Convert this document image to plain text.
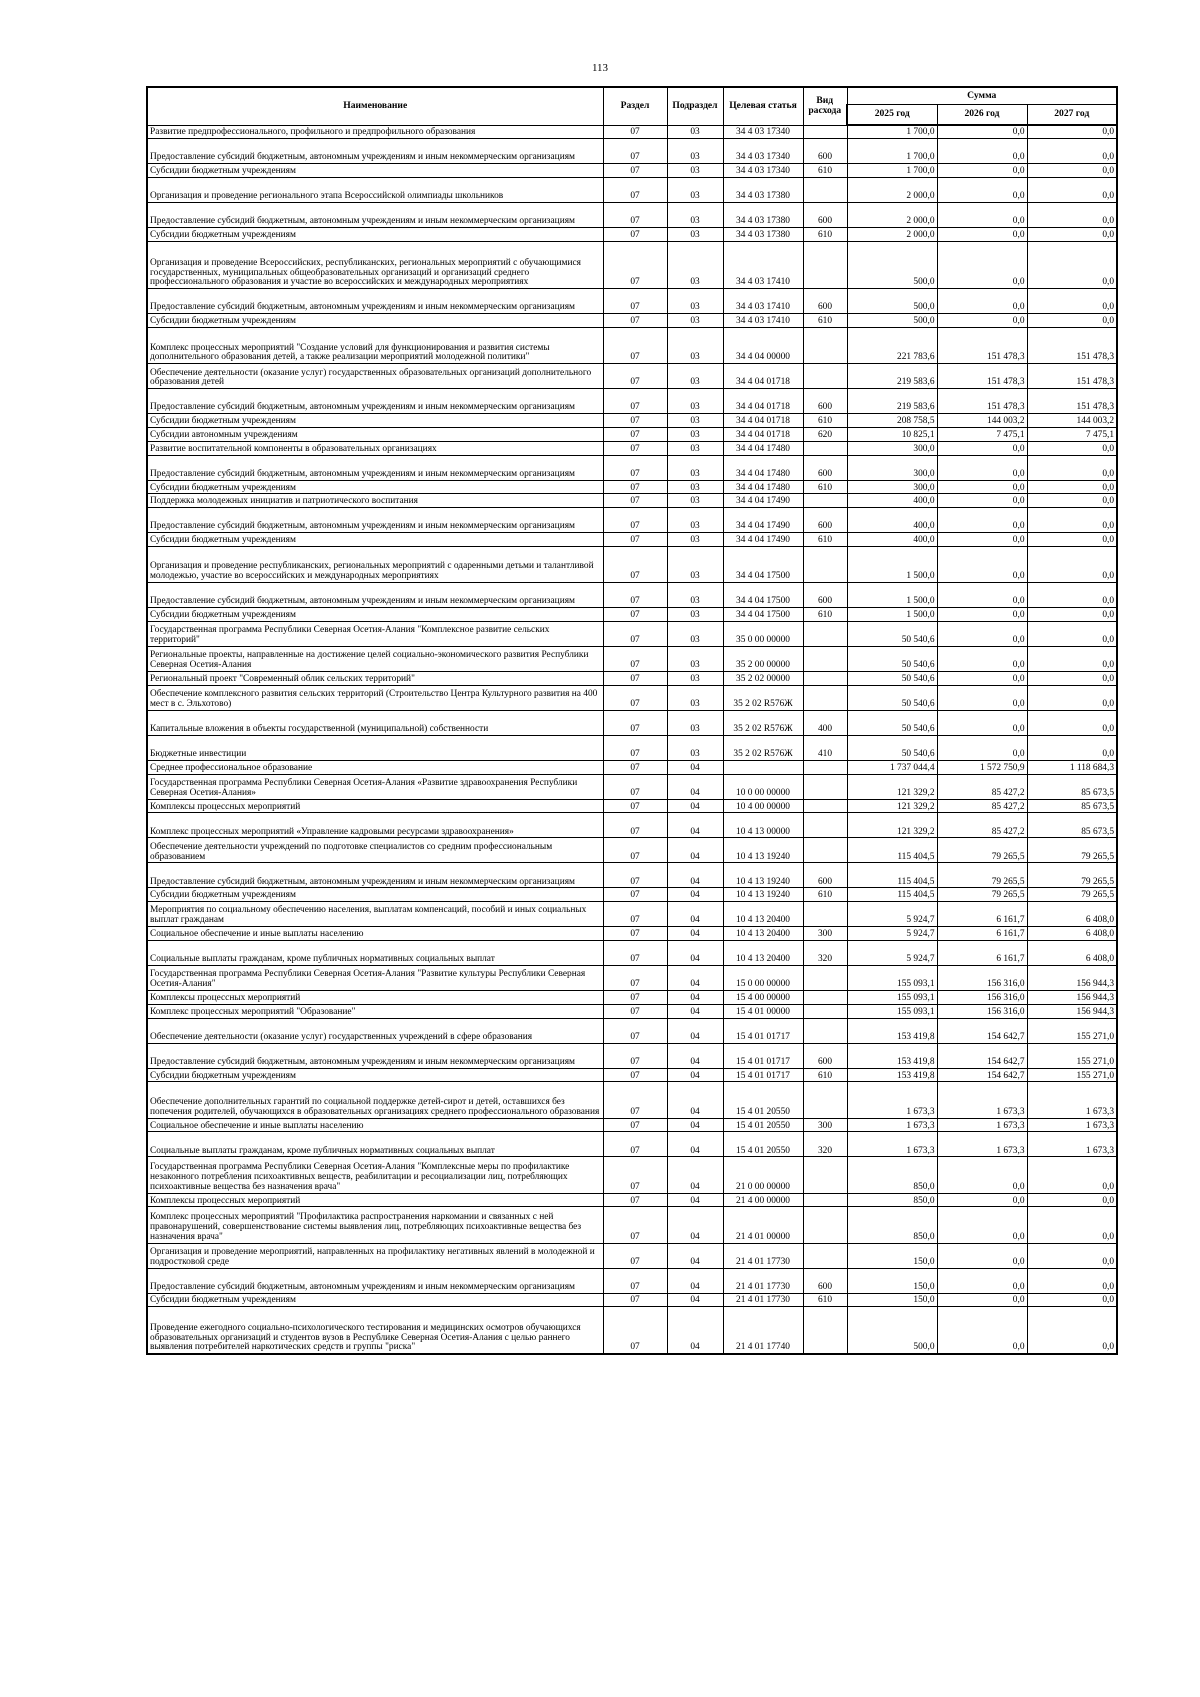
113
Наименование	Раздел	Подраздел	Целевая статья	Вид расхода	Сумма		
					2025 год	2026 год	2027 год
Развитие предпрофессионального, профильного и предпрофильного образования	07	03	34 4 03 17340		1 700,0	0,0	0,0
Предоставление субсидий бюджетным, автономным учреждениям и иным некоммерческим организациям	07	03	34 4 03 17340	600	1 700,0	0,0	0,0
Субсидии бюджетным учреждениям	07	03	34 4 03 17340	610	1 700,0	0,0	0,0
Организация и проведение регионального этапа Всероссийской олимпиады школьников	07	03	34 4 03 17380		2 000,0	0,0	0,0
Предоставление субсидий бюджетным, автономным учреждениям и иным некоммерческим организациям	07	03	34 4 03 17380	600	2 000,0	0,0	0,0
Субсидии бюджетным учреждениям	07	03	34 4 03 17380	610	2 000,0	0,0	0,0
Организация и проведение Всероссийских, республиканских, региональных мероприятий с обучающимися государственных, муниципальных общеобразовательных организаций и организаций среднего профессионального образования и участие во всероссийских и международных мероприятиях	07	03	34 4 03 17410		500,0	0,0	0,0
Предоставление субсидий бюджетным, автономным учреждениям и иным некоммерческим организациям	07	03	34 4 03 17410	600	500,0	0,0	0,0
Субсидии бюджетным учреждениям	07	03	34 4 03 17410	610	500,0	0,0	0,0
Комплекс процессных мероприятий "Создание условий для функционирования и развития системы дополнительного образования детей, а также реализации мероприятий молодежной политики"	07	03	34 4 04 00000		221 783,6	151 478,3	151 478,3
Обеспечение деятельности (оказание услуг) государственных образовательных организаций дополнительного образования детей	07	03	34 4 04 01718		219 583,6	151 478,3	151 478,3
Предоставление субсидий бюджетным, автономным учреждениям и иным некоммерческим организациям	07	03	34 4 04 01718	600	219 583,6	151 478,3	151 478,3
Субсидии бюджетным учреждениям	07	03	34 4 04 01718	610	208 758,5	144 003,2	144 003,2
Субсидии автономным учреждениям	07	03	34 4 04 01718	620	10 825,1	7 475,1	7 475,1
Развитие воспитательной компоненты в образовательных организациях	07	03	34 4 04 17480		300,0	0,0	0,0
Предоставление субсидий бюджетным, автономным учреждениям и иным некоммерческим организациям	07	03	34 4 04 17480	600	300,0	0,0	0,0
Субсидии бюджетным учреждениям	07	03	34 4 04 17480	610	300,0	0,0	0,0
Поддержка молодежных инициатив и патриотического воспитания	07	03	34 4 04 17490		400,0	0,0	0,0
Предоставление субсидий бюджетным, автономным учреждениям и иным некоммерческим организациям	07	03	34 4 04 17490	600	400,0	0,0	0,0
Субсидии бюджетным учреждениям	07	03	34 4 04 17490	610	400,0	0,0	0,0
Организация и проведение республиканских, региональных мероприятий с одаренными детьми и талантливой молодежью, участие во всероссийских и международных мероприятиях	07	03	34 4 04 17500		1 500,0	0,0	0,0
Предоставление субсидий бюджетным, автономным учреждениям и иным некоммерческим организациям	07	03	34 4 04 17500	600	1 500,0	0,0	0,0
Субсидии бюджетным учреждениям	07	03	34 4 04 17500	610	1 500,0	0,0	0,0
Государственная программа Республики Северная Осетия-Алания "Комплексное развитие сельских территорий"	07	03	35 0 00 00000		50 540,6	0,0	0,0
Региональные проекты, направленные на достижение целей социально-экономического развития Республики Северная Осетия-Алания	07	03	35 2 00 00000		50 540,6	0,0	0,0
Региональный проект "Современный облик сельских территорий"	07	03	35 2 02 00000		50 540,6	0,0	0,0
Обеспечение комплексного развития сельских территорий (Строительство Центра Культурного развития на 400 мест в с. Эльхотово)	07	03	35 2 02 R576Ж		50 540,6	0,0	0,0
Капитальные вложения в объекты государственной (муниципальной) собственности	07	03	35 2 02 R576Ж	400	50 540,6	0,0	0,0
Бюджетные инвестиции	07	03	35 2 02 R576Ж	410	50 540,6	0,0	0,0
Среднее профессиональное образование	07	04			1 737 044,4	1 572 750,9	1 118 684,3
Государственная программа Республики Северная Осетия-Алания «Развитие здравоохранения Республики Северная Осетия-Алания»	07	04	10 0 00 00000		121 329,2	85 427,2	85 673,5
Комплексы процессных мероприятий	07	04	10 4 00 00000		121 329,2	85 427,2	85 673,5
Комплекс процессных мероприятий «Управление кадровыми ресурсами здравоохранения»	07	04	10 4 13 00000		121 329,2	85 427,2	85 673,5
Обеспечение деятельности учреждений по подготовке специалистов со средним профессиональным образованием	07	04	10 4 13 19240		115 404,5	79 265,5	79 265,5
Предоставление субсидий бюджетным, автономным учреждениям и иным некоммерческим организациям	07	04	10 4 13 19240	600	115 404,5	79 265,5	79 265,5
Субсидии бюджетным учреждениям	07	04	10 4 13 19240	610	115 404,5	79 265,5	79 265,5
Мероприятия по социальному обеспечению населения, выплатам компенсаций, пособий и иных социальных выплат гражданам	07	04	10 4 13 20400		5 924,7	6 161,7	6 408,0
Социальное обеспечение и иные выплаты населению	07	04	10 4 13 20400	300	5 924,7	6 161,7	6 408,0
Социальные выплаты гражданам, кроме публичных нормативных социальных выплат	07	04	10 4 13 20400	320	5 924,7	6 161,7	6 408,0
Государственная программа Республики Северная Осетия-Алания "Развитие культуры Республики Северная Осетия-Алания"	07	04	15 0 00 00000		155 093,1	156 316,0	156 944,3
Комплексы процессных мероприятий	07	04	15 4 00 00000		155 093,1	156 316,0	156 944,3
Комплекс процессных мероприятий "Образование"	07	04	15 4 01 00000		155 093,1	156 316,0	156 944,3
Обеспечение деятельности (оказание услуг) государственных учреждений в сфере образования	07	04	15 4 01 01717		153 419,8	154 642,7	155 271,0
Предоставление субсидий бюджетным, автономным учреждениям и иным некоммерческим организациям	07	04	15 4 01 01717	600	153 419,8	154 642,7	155 271,0
Субсидии бюджетным учреждениям	07	04	15 4 01 01717	610	153 419,8	154 642,7	155 271,0
Обеспечение дополнительных гарантий по социальной поддержке детей-сирот и детей, оставшихся без попечения родителей, обучающихся в образовательных организациях среднего профессионального образования	07	04	15 4 01 20550		1 673,3	1 673,3	1 673,3
Социальное обеспечение и иные выплаты населению	07	04	15 4 01 20550	300	1 673,3	1 673,3	1 673,3
Социальные выплаты гражданам, кроме публичных нормативных социальных выплат	07	04	15 4 01 20550	320	1 673,3	1 673,3	1 673,3
Государственная программа Республики Северная Осетия-Алания "Комплексные меры по профилактике незаконного потребления психоактивных веществ, реабилитации и ресоциализации лиц, потребляющих психоактивные вещества без назначения врача"	07	04	21 0 00 00000		850,0	0,0	0,0
Комплексы процессных мероприятий	07	04	21 4 00 00000		850,0	0,0	0,0
Комплекс процессных мероприятий "Профилактика распространения наркомании и связанных с ней правонарушений, совершенствование системы выявления лиц, потребляющих психоактивные вещества без назначения врача"	07	04	21 4 01 00000		850,0	0,0	0,0
Организация и проведение мероприятий, направленных на профилактику негативных явлений в молодежной и подростковой среде	07	04	21 4 01 17730		150,0	0,0	0,0
Предоставление субсидий бюджетным, автономным учреждениям и иным некоммерческим организациям	07	04	21 4 01 17730	600	150,0	0,0	0,0
Субсидии бюджетным учреждениям	07	04	21 4 01 17730	610	150,0	0,0	0,0
Проведение ежегодного социально-психологического тестирования и медицинских осмотров обучающихся образовательных организаций и студентов вузов в Республике Северная Осетия-Алания с целью раннего выявления потребителей наркотических средств и группы "риска"	07	04	21 4 01 17740		500,0	0,0	0,0
